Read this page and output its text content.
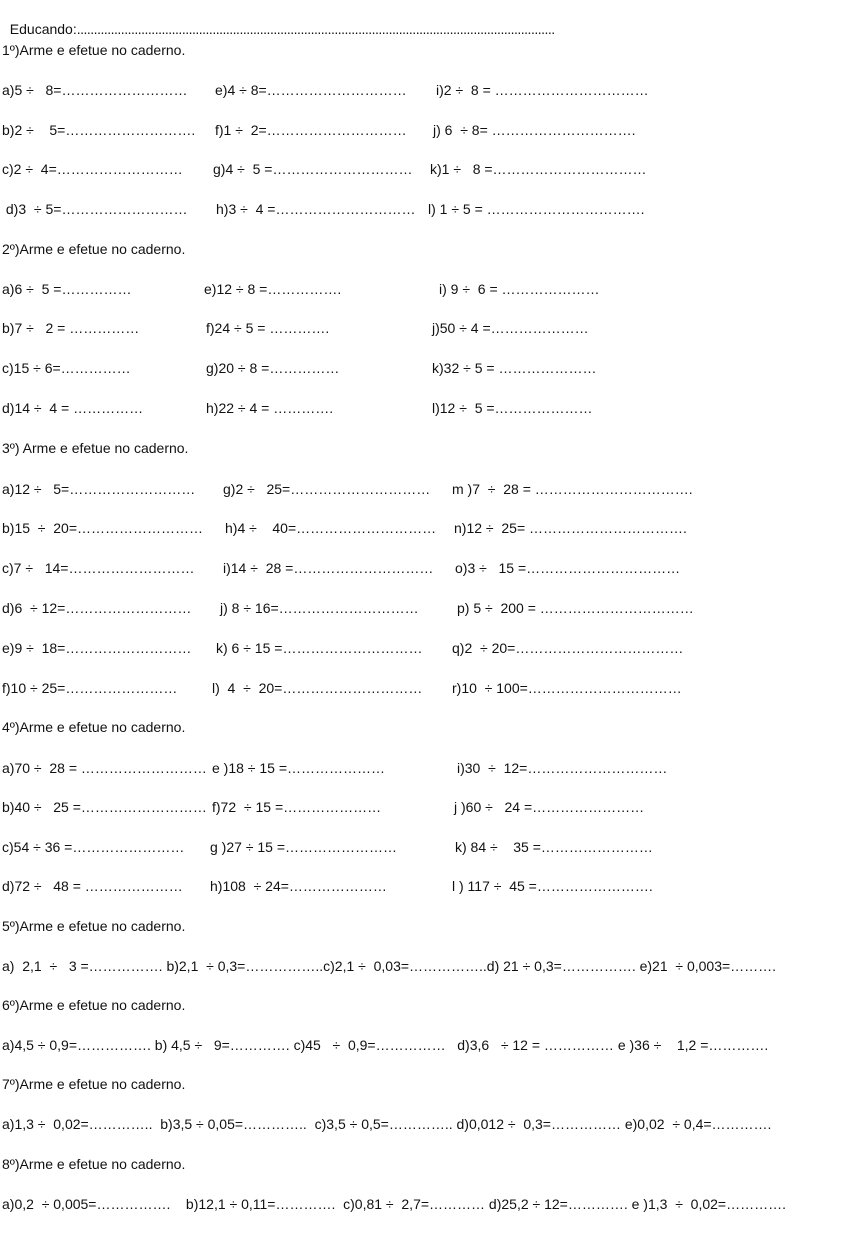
Educando:.............................................................................................................................................

1º)Arme e efetue no caderno.
a)5 ÷   8=……………………… e)4 ÷ 8=………………………… i)2 ÷  8 = ……………………………
b)2 ÷    5=………………………. f)1 ÷  2=………………………… j) 6  ÷ 8= ………………………….
c)2 ÷  4=……………………… g)4 ÷  5 =………………………… k)1 ÷   8 =……………………………
d)3  ÷ 5=……………………… h)3 ÷  4 =………………………… l) 1 ÷ 5 = …………………………….
2º)Arme e efetue no caderno.
a)6 ÷  5 =……………	e)12 ÷ 8 =…………….	i) 9 ÷  6 = …………………
b)7 ÷   2 = ……………	f)24 ÷ 5 = ………….	j)50 ÷ 4 =…………………
c)15 ÷ 6=……………	g)20 ÷ 8 =……………	k)32 ÷ 5 = …………………
d)14 ÷  4 = ……………	h)22 ÷ 4 = ………….	l)12 ÷  5 =…………………
3º) Arme e efetue no caderno.
a)12 ÷   5=……………………… g)2 ÷   25=………………………… m )7  ÷  28 = …………………………….
b)15  ÷  20=……………………… h)4 ÷    40=………………………… n)12 ÷  25= …………………………….
c)7 ÷   14=……………………… i)14 ÷  28 =………………………… o)3 ÷   15 =……………………………
d)6  ÷ 12=……………………… j) 8 ÷ 16=…………………………	p) 5 ÷  200 = ……………………………
e)9 ÷  18=……………………… k) 6 ÷ 15 =………………………… q)2  ÷ 20=………………………………
f)10 ÷ 25=…………………… l)  4  ÷  20=………………………… r)10  ÷ 100=……………………………
4º)Arme e efetue no caderno.
a)70 ÷  28 = ……………………… e )18 ÷ 15 =…………………	i)30  ÷  12=…………………………
b)40 ÷   25 =……………………… f)72  ÷ 15 =…………………	j )60 ÷   24 =……………………
c)54 ÷ 36 =…………………… g )27 ÷ 15 =……………………	k) 84 ÷    35 =……………………
d)72 ÷   48 = ………………… h)108  ÷ 24=…………………	l ) 117 ÷  45 =…………………….
5º)Arme e efetue no caderno.
a)  2,1  ÷   3 =……………. b)2,1  ÷ 0,3=……………..c)2,1 ÷  0,03=……………..d) 21 ÷ 0,3=……………. e)21  ÷ 0,003=……….
6º)Arme e efetue no caderno.
a)4,5 ÷ 0,9=……………. b) 4,5 ÷   9=…………. c)45   ÷  0,9=……………   d)3,6   ÷ 12 = …………… e )36 ÷    1,2 =………….
7º)Arme e efetue no caderno.
a)1,3 ÷  0,02=…………..  b)3,5 ÷ 0,05=…………..  c)3,5 ÷ 0,5=………….. d)0,012 ÷  0,3=…………… e)0,02  ÷ 0,4=………….
8º)Arme e efetue no caderno.
a)0,2  ÷ 0,005=…………….    b)12,1 ÷ 0,11=………….  c)0,81 ÷  2,7=………… d)25,2 ÷ 12=…………. e )1,3  ÷  0,02=………….
